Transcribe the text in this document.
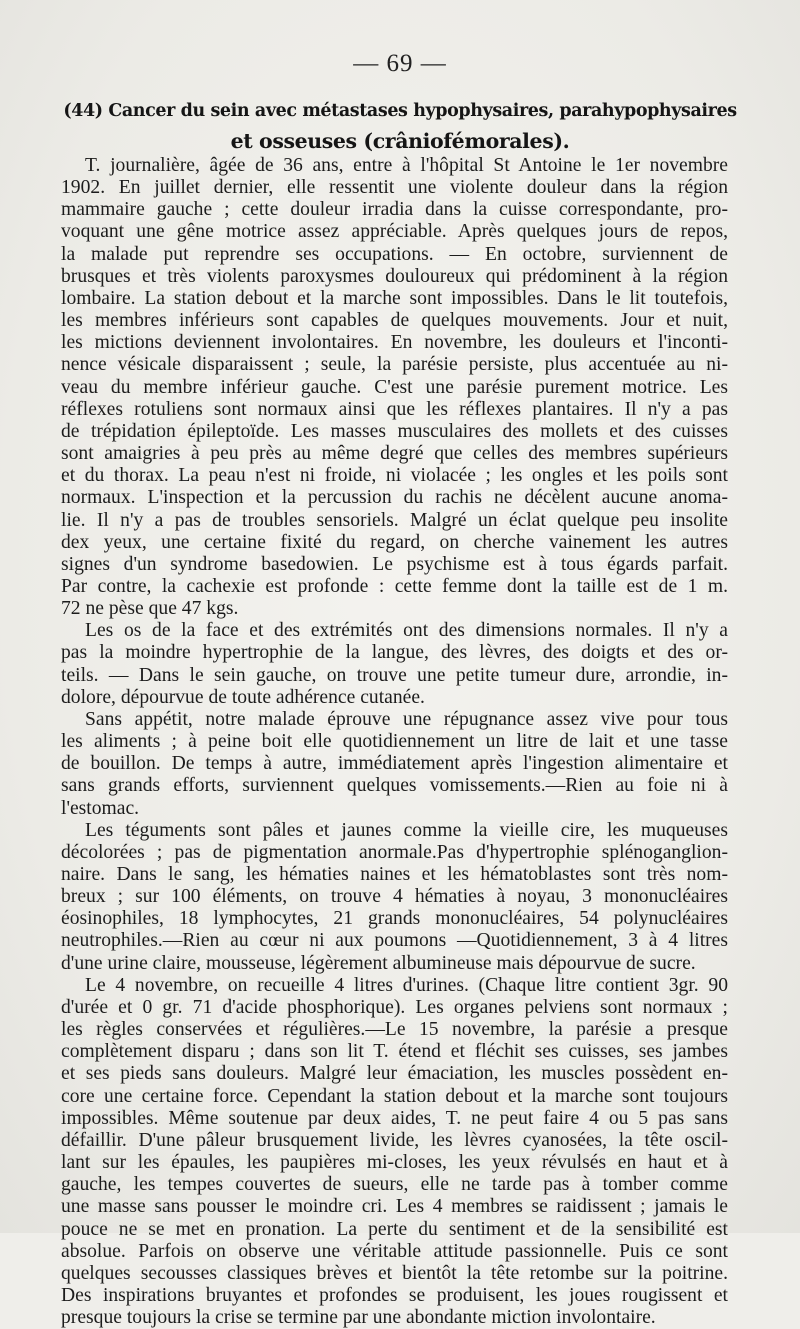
— 69 —
(44) Cancer du sein avec métastases hypophysaires, parahypophysaires
et osseuses (crâniofémorales).

T. journalière, âgée de 36 ans, entre à l'hôpital St Antoine le 1er novembre
1902. En juillet dernier, elle ressentit une violente douleur dans la région
mammaire gauche ; cette douleur irradia dans la cuisse correspondante, pro-
voquant une gêne motrice assez appréciable. Après quelques jours de repos,
la malade put reprendre ses occupations. — En octobre, surviennent de
brusques et très violents paroxysmes douloureux qui prédominent à la région
lombaire. La station debout et la marche sont impossibles. Dans le lit toutefois,
les membres inférieurs sont capables de quelques mouvements. Jour et nuit,
les mictions deviennent involontaires. En novembre, les douleurs et l'inconti-
nence vésicale disparaissent ; seule, la parésie persiste, plus accentuée au ni-
veau du membre inférieur gauche. C'est une parésie purement motrice. Les
réflexes rotuliens sont normaux ainsi que les réflexes plantaires. Il n'y a pas
de trépidation épileptoïde. Les masses musculaires des mollets et des cuisses
sont amaigries à peu près au même degré que celles des membres supérieurs
et du thorax. La peau n'est ni froide, ni violacée ; les ongles et les poils sont
normaux. L'inspection et la percussion du rachis ne décèlent aucune anoma-
lie. Il n'y a pas de troubles sensoriels. Malgré un éclat quelque peu insolite
dex yeux, une certaine fixité du regard, on cherche vainement les autres
signes d'un syndrome basedowien. Le psychisme est à tous égards parfait.
Par contre, la cachexie est profonde : cette femme dont la taille est de 1 m.
72 ne pèse que 47 kgs.

Les os de la face et des extrémités ont des dimensions normales. Il n'y a
pas la moindre hypertrophie de la langue, des lèvres, des doigts et des or-
teils. — Dans le sein gauche, on trouve une petite tumeur dure, arrondie, in-
dolore, dépourvue de toute adhérence cutanée.

Sans appétit, notre malade éprouve une répugnance assez vive pour tous
les aliments ; à peine boit elle quotidiennement un litre de lait et une tasse
de bouillon. De temps à autre, immédiatement après l'ingestion alimentaire et
sans grands efforts, surviennent quelques vomissements.—Rien au foie ni à
l'estomac.

Les téguments sont pâles et jaunes comme la vieille cire, les muqueuses
décolorées ; pas de pigmentation anormale.Pas d'hypertrophie splénoganglion-
naire. Dans le sang, les hématies naines et les hématoblastes sont très nom-
breux ; sur 100 éléments, on trouve 4 hématies à noyau, 3 mononucléaires
éosinophiles, 18 lymphocytes, 21 grands mononucléaires, 54 polynucléaires
neutrophiles.—Rien au cœur ni aux poumons —Quotidiennement, 3 à 4 litres
d'une urine claire, mousseuse, légèrement albumineuse mais dépourvue de sucre.

Le 4 novembre, on recueille 4 litres d'urines. (Chaque litre contient 3gr. 90
d'urée et 0 gr. 71 d'acide phosphorique). Les organes pelviens sont normaux ;
les règles conservées et régulières.—Le 15 novembre, la parésie a presque
complètement disparu ; dans son lit T. étend et fléchit ses cuisses, ses jambes
et ses pieds sans douleurs. Malgré leur émaciation, les muscles possèdent en-
core une certaine force. Cependant la station debout et la marche sont toujours
impossibles. Même soutenue par deux aides, T. ne peut faire 4 ou 5 pas sans
défaillir. D'une pâleur brusquement livide, les lèvres cyanosées, la tête oscil-
lant sur les épaules, les paupières mi-closes, les yeux révulsés en haut et à
gauche, les tempes couvertes de sueurs, elle ne tarde pas à tomber comme
une masse sans pousser le moindre cri. Les 4 membres se raidissent ; jamais le
pouce ne se met en pronation. La perte du sentiment et de la sensibilité est
absolue. Parfois on observe une véritable attitude passionnelle. Puis ce sont
quelques secousses classiques brèves et bientôt la tête retombe sur la poitrine.
Des inspirations bruyantes et profondes se produisent, les joues rougissent et
presque toujours la crise se termine par une abondante miction involontaire.
